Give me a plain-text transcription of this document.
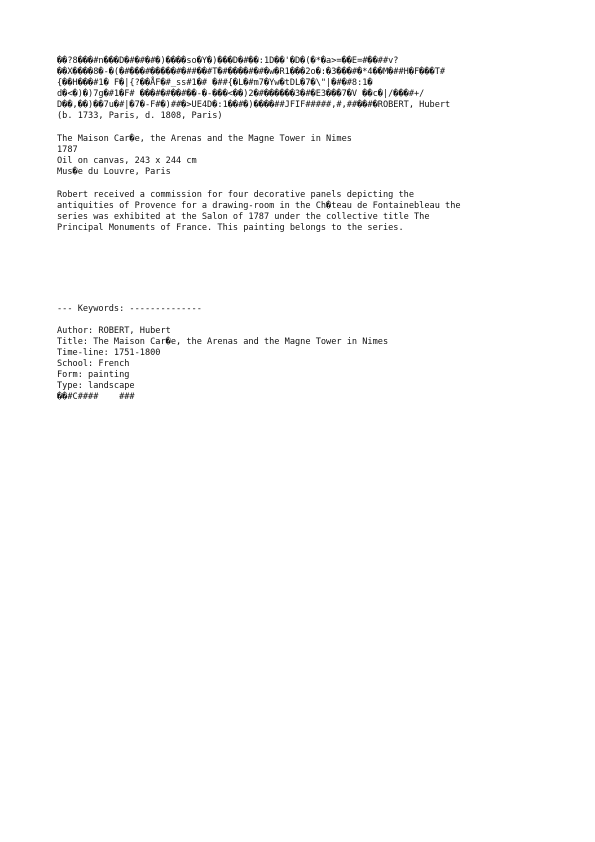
��?8���#n���D�#�#�#�)����so�Y�)���D�#��:1D��'�D�(�*�a>=��E=#��##v?
��X����8�-�(�#���#�����#�##��#T�#����#�#�w�R1���2o�:�3���#�*4��M�##H�F���T#
{��H���#1� F�|{?��ÅF�#_ss#1�# �##{�L�#m7�Yw�tDL�7�\"|�#�#8:1�
d�<�)�)7g�#1�F# ���#�#��#��-�-���<��)2�#������3�#�E3���7�V ��c�|/���#+/
D��,��)��7u�#|�7�-F#�)##�>UE4D�:1��#�)����##JFIF#####,#,##��#�ROBERT, Hubert
(b. 1733, Paris, d. 1808, Paris)
The Maison Car�e, the Arenas and the Magne Tower in Nimes
1787
Oil on canvas, 243 x 244 cm
Mus�e du Louvre, Paris
Robert received a commission for four decorative panels depicting the
antiquities of Provence for a drawing-room in the Ch�teau de Fontainebleau the
series was exhibited at the Salon of 1787 under the collective title The
Principal Monuments of France. This painting belongs to the series.
--- Keywords: --------------
Author: ROBERT, Hubert
Title: The Maison Car�e, the Arenas and the Magne Tower in Nimes
Time-line: 1751-1800
School: French
Form: painting
Type: landscape
��#C####    ###
